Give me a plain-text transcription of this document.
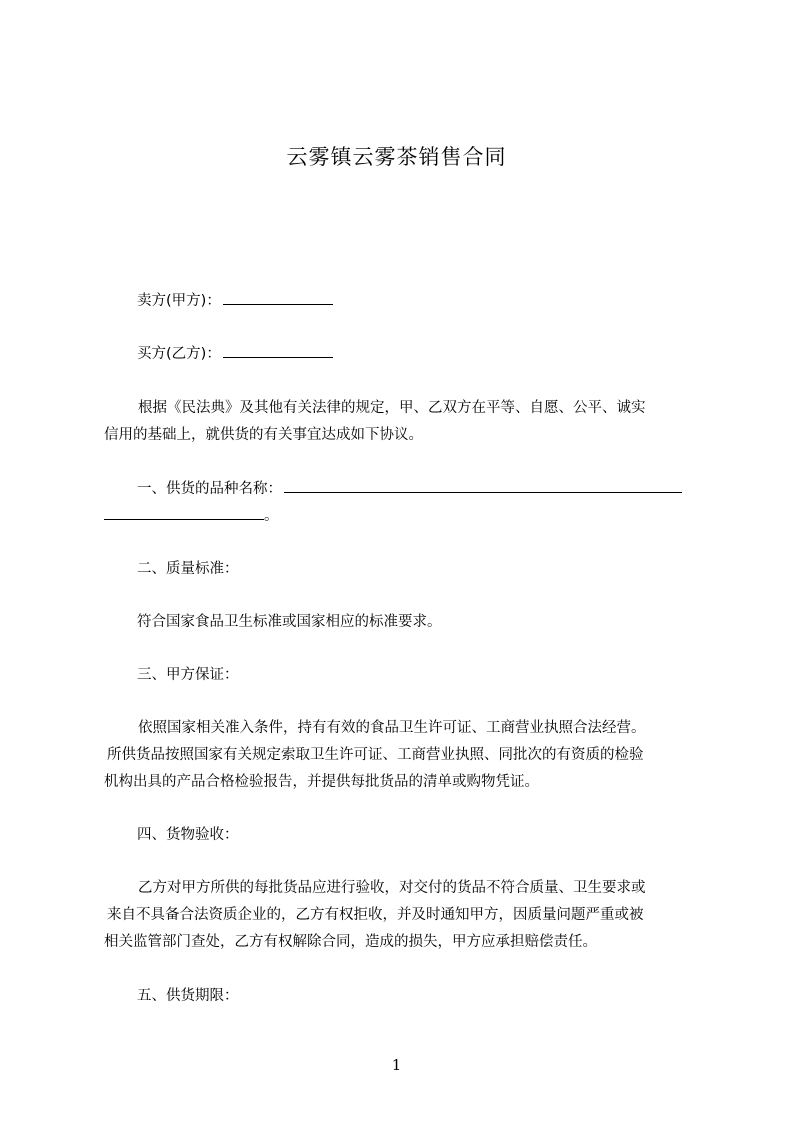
云雾镇云雾茶销售合同
卖方(甲方)：
买方(乙方)：
根据《民法典》及其他有关法律的规定，甲、乙双方在平等、自愿、公平、诚实
信用的基础上，就供货的有关事宜达成如下协议。
一、供货的品种名称：
。
二、质量标准：
符合国家食品卫生标准或国家相应的标准要求。
三、甲方保证：
依照国家相关准入条件，持有有效的食品卫生许可证、工商营业执照合法经营。
所供货品按照国家有关规定索取卫生许可证、工商营业执照、同批次的有资质的检验
机构出具的产品合格检验报告，并提供每批货品的清单或购物凭证。
四、货物验收：
乙方对甲方所供的每批货品应进行验收，对交付的货品不符合质量、卫生要求或
来自不具备合法资质企业的，乙方有权拒收，并及时通知甲方，因质量问题严重或被
相关监管部门查处，乙方有权解除合同，造成的损失，甲方应承担赔偿责任。
五、供货期限：
1
